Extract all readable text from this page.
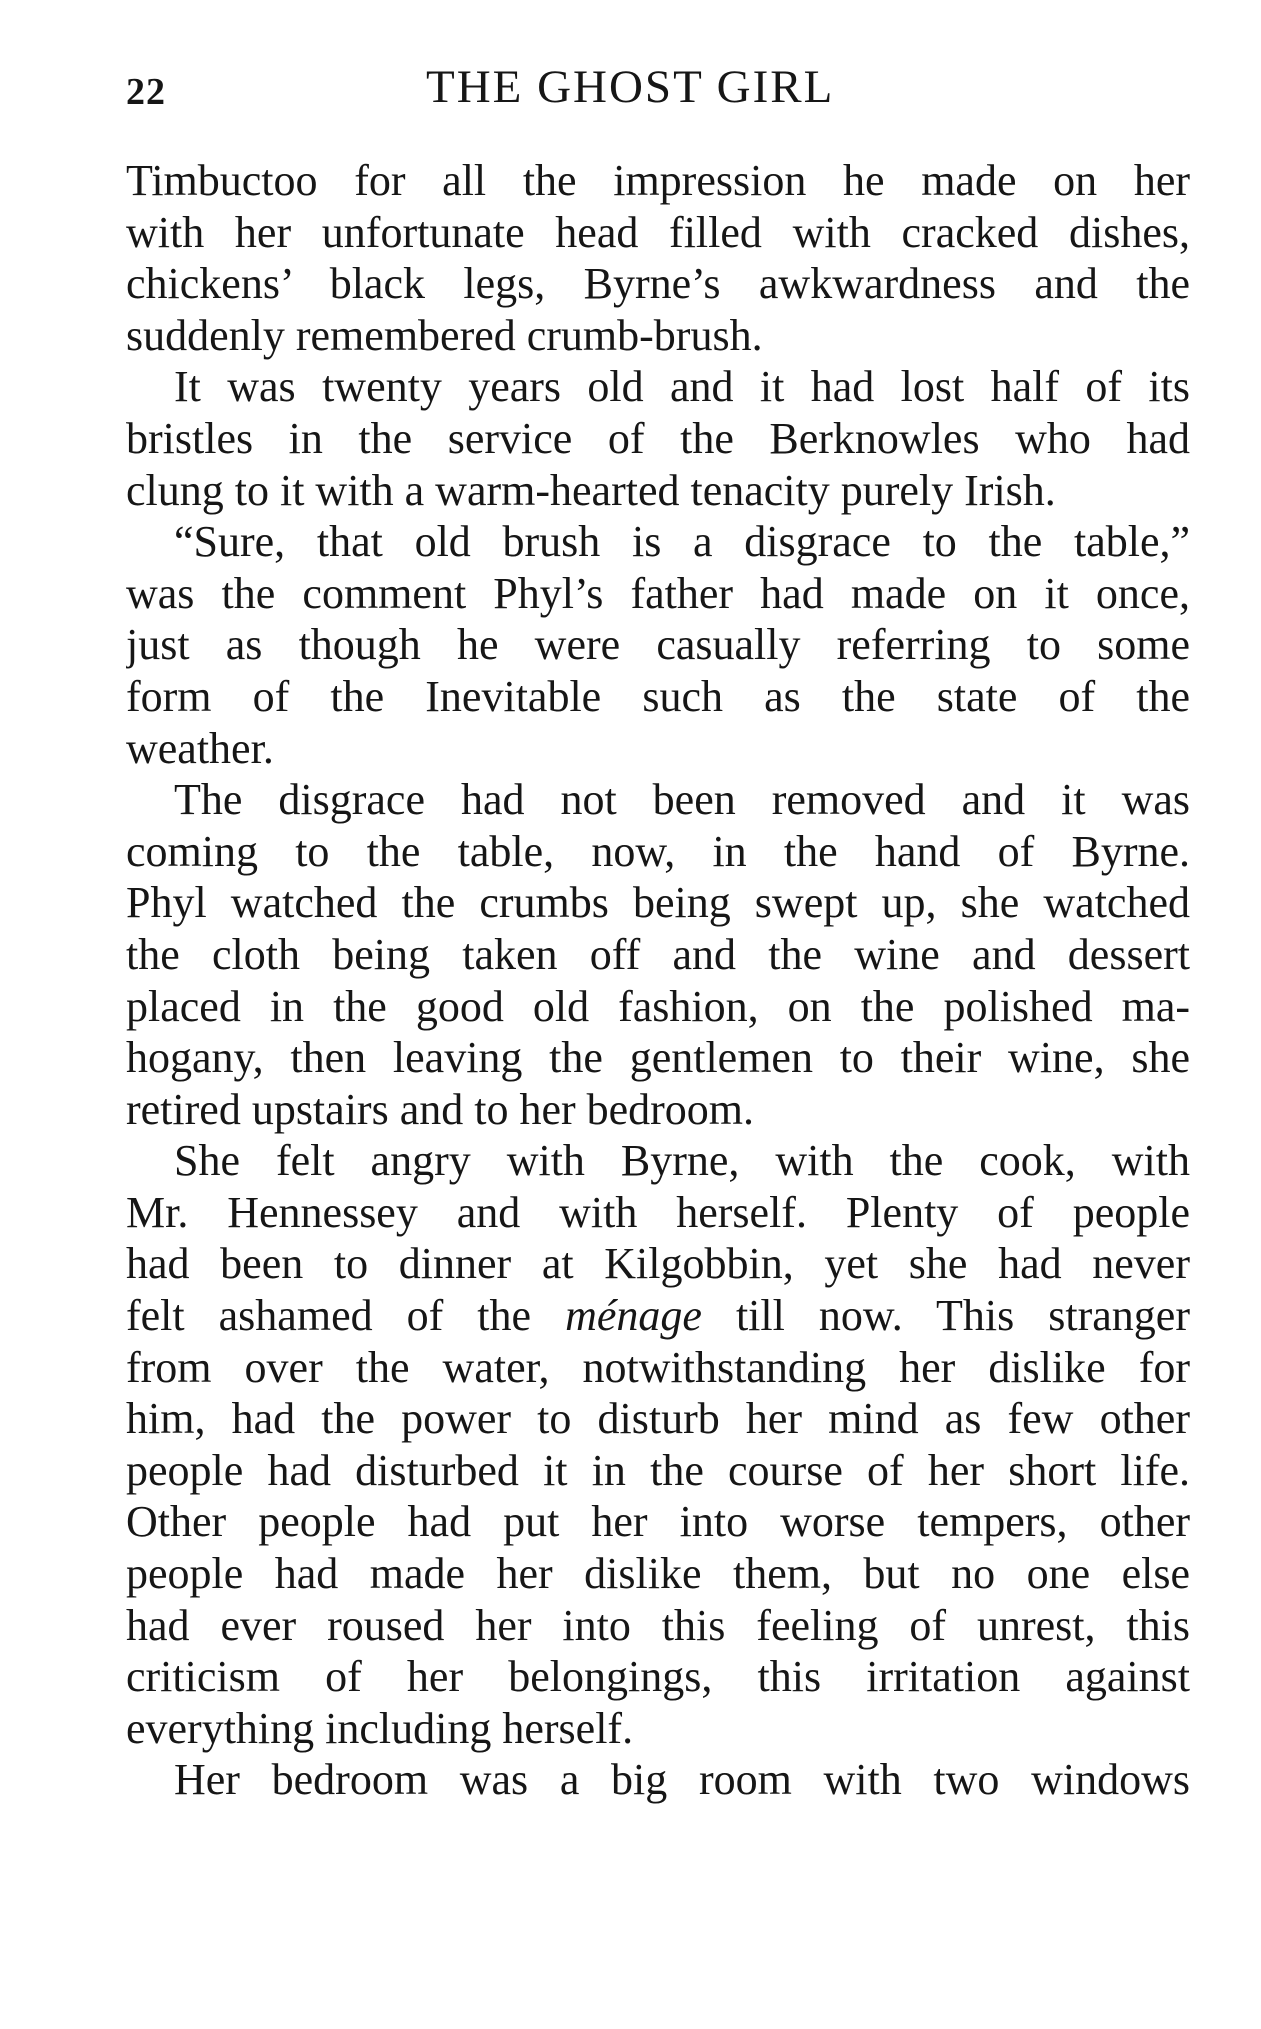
22	THE GHOST GIRL
Timbuctoo for all the impression he made on her
with her unfortunate head filled with cracked dishes,
chickens’ black legs, Byrne’s awkwardness and the
suddenly remembered crumb-brush.
It was twenty years old and it had lost half of its
bristles in the service of the Berknowles who had
clung to it with a warm-hearted tenacity purely Irish.
“Sure, that old brush is a disgrace to the table,”
was the comment Phyl’s father had made on it once,
just as though he were casually referring to some
form of the Inevitable such as the state of the
weather.
The disgrace had not been removed and it was
coming to the table, now, in the hand of Byrne.
Phyl watched the crumbs being swept up, she watched
the cloth being taken off and the wine and dessert
placed in the good old fashion, on the polished ma-
hogany, then leaving the gentlemen to their wine, she
retired upstairs and to her bedroom.
She felt angry with Byrne, with the cook, with
Mr. Hennessey and with herself. Plenty of people
had been to dinner at Kilgobbin, yet she had never
felt ashamed of the ménage till now. This stranger
from over the water, notwithstanding her dislike for
him, had the power to disturb her mind as few other
people had disturbed it in the course of her short life.
Other people had put her into worse tempers, other
people had made her dislike them, but no one else
had ever roused her into this feeling of unrest, this
criticism of her belongings, this irritation against
everything including herself.
Her bedroom was a big room with two windows
